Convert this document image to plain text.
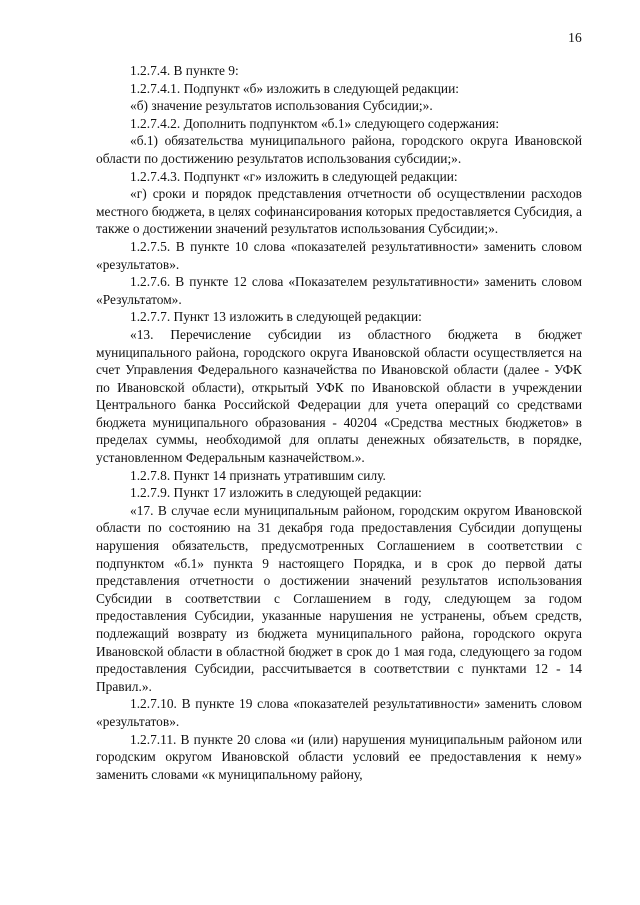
16

1.2.7.4. В пункте 9:

1.2.7.4.1. Подпункт «б» изложить в следующей редакции:

«б) значение результатов использования Субсидии;».

1.2.7.4.2. Дополнить подпунктом «б.1» следующего содержания:

«б.1) обязательства муниципального района, городского округа Ивановской области по достижению результатов использования субсидии;».

1.2.7.4.3. Подпункт «г» изложить в следующей редакции:

«г) сроки и порядок представления отчетности об осуществлении расходов местного бюджета, в целях софинансирования которых предоставляется Субсидия, а также о достижении значений результатов использования Субсидии;».

1.2.7.5. В пункте 10 слова «показателей результативности» заменить словом «результатов».

1.2.7.6. В пункте 12 слова «Показателем результативности» заменить словом «Результатом».

1.2.7.7. Пункт 13 изложить в следующей редакции:

«13. Перечисление субсидии из областного бюджета в бюджет муниципального района, городского округа Ивановской области осуществляется на счет Управления Федерального казначейства по Ивановской области (далее - УФК по Ивановской области), открытый УФК по Ивановской области в учреждении Центрального банка Российской Федерации для учета операций со средствами бюджета муниципального образования - 40204 «Средства местных бюджетов» в пределах суммы, необходимой для оплаты денежных обязательств, в порядке, установленном Федеральным казначейством.».

1.2.7.8. Пункт 14 признать утратившим силу.

1.2.7.9. Пункт 17 изложить в следующей редакции:

«17. В случае если муниципальным районом, городским округом Ивановской области по состоянию на 31 декабря года предоставления Субсидии допущены нарушения обязательств, предусмотренных Соглашением в соответствии с подпунктом «б.1» пункта 9 настоящего Порядка, и в срок до первой даты представления отчетности о достижении значений результатов использования Субсидии в соответствии с Соглашением в году, следующем за годом предоставления Субсидии, указанные нарушения не устранены, объем средств, подлежащий возврату из бюджета муниципального района, городского округа Ивановской области в областной бюджет в срок до 1 мая года, следующего за годом предоставления Субсидии, рассчитывается в соответствии с пунктами 12 - 14 Правил.».

1.2.7.10. В пункте 19 слова «показателей результативности» заменить словом «результатов».

1.2.7.11. В пункте 20 слова «и (или) нарушения муниципальным районом или городским округом Ивановской области условий ее предоставления к нему» заменить словами «к муниципальному району,
